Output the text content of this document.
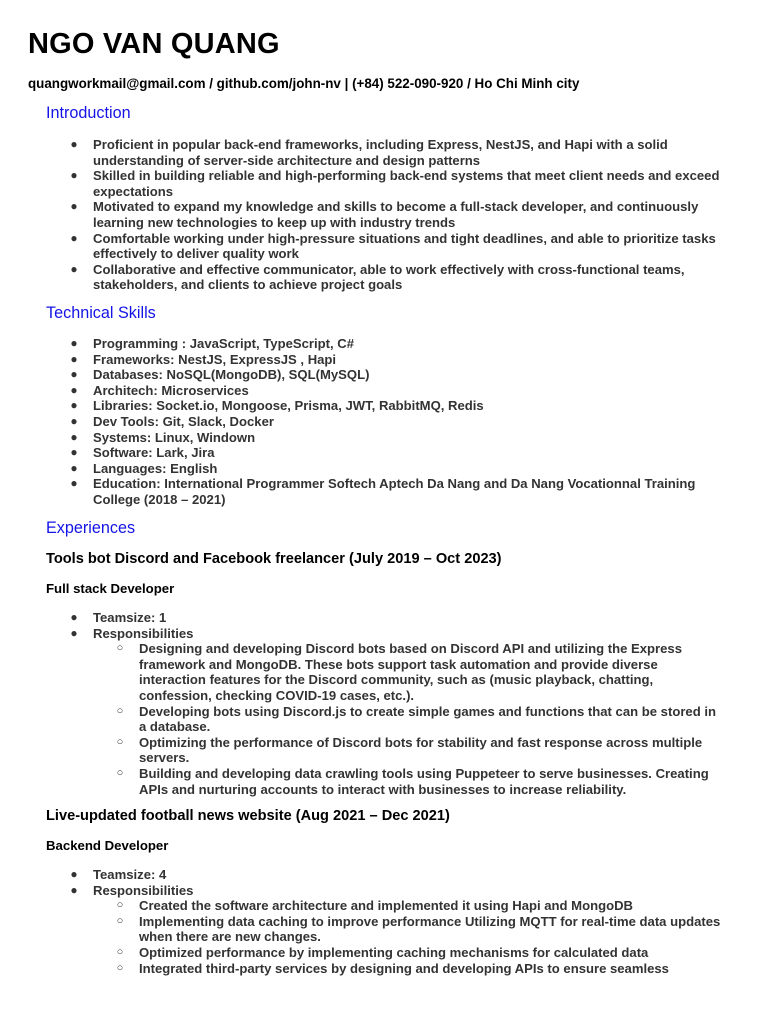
NGO VAN QUANG
quangworkmail@gmail.com / github.com/john-nv | (+84) 522-090-920 / Ho Chi Minh city
Introduction
● Proficient in popular back-end frameworks, including Express, NestJS, and Hapi with a solid understanding of server-side architecture and design patterns
● Skilled in building reliable and high-performing back-end systems that meet client needs and exceed expectations
● Motivated to expand my knowledge and skills to become a full-stack developer, and continuously learning new technologies to keep up with industry trends
● Comfortable working under high-pressure situations and tight deadlines, and able to prioritize tasks effectively to deliver quality work
● Collaborative and effective communicator, able to work effectively with cross-functional teams, stakeholders, and clients to achieve project goals
Technical Skills
● Programming : JavaScript, TypeScript, C#
● Frameworks: NestJS, ExpressJS , Hapi
● Databases: NoSQL(MongoDB), SQL(MySQL)
● Architech: Microservices
● Libraries: Socket.io, Mongoose, Prisma, JWT, RabbitMQ, Redis
● Dev Tools: Git, Slack, Docker
● Systems: Linux, Windown
● Software: Lark, Jira
● Languages: English
● Education: International Programmer Softech Aptech Da Nang and Da Nang Vocationnal Training College (2018 – 2021)
Experiences
Tools bot Discord and Facebook freelancer (July 2019 – Oct 2023)
Full stack Developer
● Teamsize: 1
● Responsibilities
○ Designing and developing Discord bots based on Discord API and utilizing the Express framework and MongoDB. These bots support task automation and provide diverse interaction features for the Discord community, such as (music playback, chatting, confession, checking COVID-19 cases, etc.).
○ Developing bots using Discord.js to create simple games and functions that can be stored in a database.
○ Optimizing the performance of Discord bots for stability and fast response across multiple servers.
○ Building and developing data crawling tools using Puppeteer to serve businesses. Creating APIs and nurturing accounts to interact with businesses to increase reliability.
Live-updated football news website (Aug 2021 – Dec 2021)
Backend Developer
● Teamsize: 4
● Responsibilities
○ Created the software architecture and implemented it using Hapi and MongoDB
○ Implementing data caching to improve performance Utilizing MQTT for real-time data updates when there are new changes.
○ Optimized performance by implementing caching mechanisms for calculated data
○ Integrated third-party services by designing and developing APIs to ensure seamless
